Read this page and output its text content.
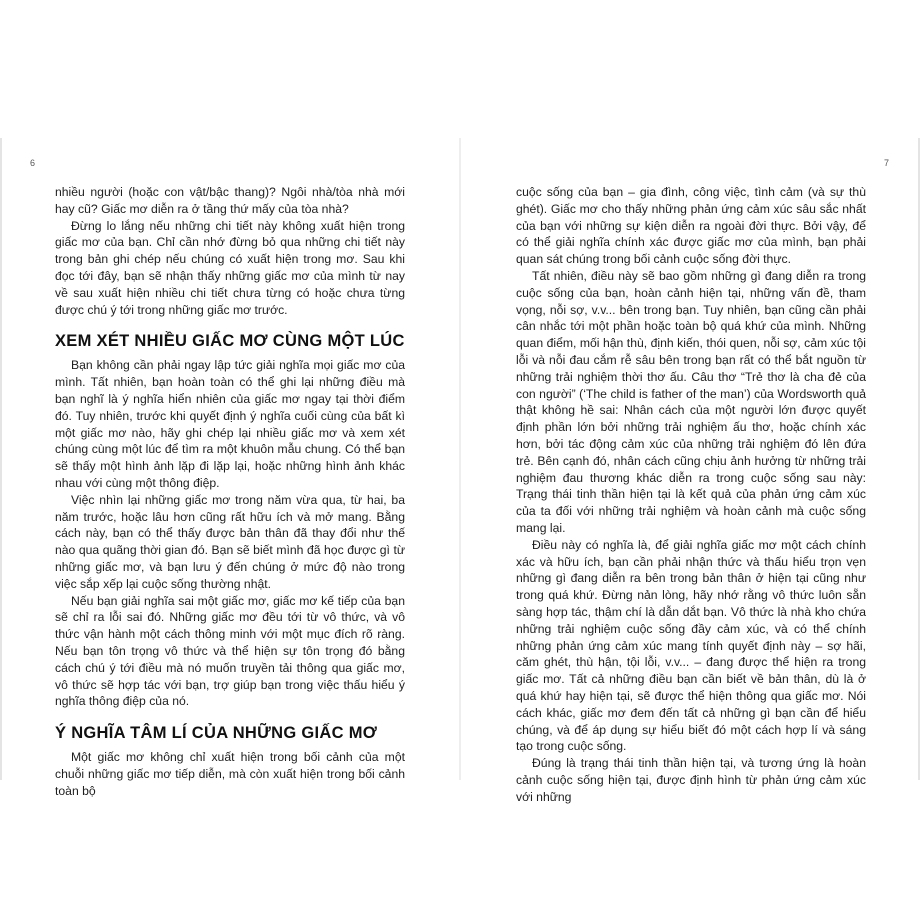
6	7

nhiều người (hoặc con vật/bậc thang)? Ngôi nhà/tòa nhà mới hay cũ? Giấc mơ diễn ra ở tầng thứ mấy của tòa nhà?

Đừng lo lắng nếu những chi tiết này không xuất hiện trong giấc mơ của bạn. Chỉ cần nhớ đừng bỏ qua những chi tiết này trong bản ghi chép nếu chúng có xuất hiện trong mơ. Sau khi đọc tới đây, bạn sẽ nhận thấy những giấc mơ của mình từ nay về sau xuất hiện nhiều chi tiết chưa từng có hoặc chưa từng được chú ý tới trong những giấc mơ trước.

XEM XÉT NHIỀU GIẤC MƠ CÙNG MỘT LÚC

Bạn không cần phải ngay lập tức giải nghĩa mọi giấc mơ của mình. Tất nhiên, bạn hoàn toàn có thể ghi lại những điều mà bạn nghĩ là ý nghĩa hiển nhiên của giấc mơ ngay tại thời điểm đó. Tuy nhiên, trước khi quyết định ý nghĩa cuối cùng của bất kì một giấc mơ nào, hãy ghi chép lại nhiều giấc mơ và xem xét chúng cùng một lúc để tìm ra một khuôn mẫu chung. Có thể bạn sẽ thấy một hình ảnh lặp đi lặp lại, hoặc những hình ảnh khác nhau với cùng một thông điệp.

Việc nhìn lại những giấc mơ trong năm vừa qua, từ hai, ba năm trước, hoặc lâu hơn cũng rất hữu ích và mở mang. Bằng cách này, bạn có thể thấy được bản thân đã thay đổi như thế nào qua quãng thời gian đó. Bạn sẽ biết mình đã học được gì từ những giấc mơ, và bạn lưu ý đến chúng ở mức độ nào trong việc sắp xếp lại cuộc sống thường nhật.

Nếu bạn giải nghĩa sai một giấc mơ, giấc mơ kế tiếp của bạn sẽ chỉ ra lỗi sai đó. Những giấc mơ đều tới từ vô thức, và vô thức vận hành một cách thông minh với một mục đích rõ ràng. Nếu bạn tôn trọng vô thức và thể hiện sự tôn trọng đó bằng cách chú ý tới điều mà nó muốn truyền tải thông qua giấc mơ, vô thức sẽ hợp tác với bạn, trợ giúp bạn trong việc thấu hiểu ý nghĩa thông điệp của nó.

Ý NGHĨA TÂM LÍ CỦA NHỮNG GIẤC MƠ

Một giấc mơ không chỉ xuất hiện trong bối cảnh của một chuỗi những giấc mơ tiếp diễn, mà còn xuất hiện trong bối cảnh toàn bộ

cuộc sống của bạn – gia đình, công việc, tình cảm (và sự thù ghét). Giấc mơ cho thấy những phản ứng cảm xúc sâu sắc nhất của bạn với những sự kiện diễn ra ngoài đời thực. Bởi vậy, để có thể giải nghĩa chính xác được giấc mơ của mình, bạn phải quan sát chúng trong bối cảnh cuộc sống đời thực.

Tất nhiên, điều này sẽ bao gồm những gì đang diễn ra trong cuộc sống của bạn, hoàn cảnh hiện tại, những vấn đề, tham vọng, nỗi sợ, v.v... bên trong bạn. Tuy nhiên, bạn cũng cần phải cân nhắc tới một phần hoặc toàn bộ quá khứ của mình. Những quan điểm, mối hận thù, định kiến, thói quen, nỗi sợ, cảm xúc tội lỗi và nỗi đau cắm rễ sâu bên trong bạn rất có thể bắt nguồn từ những trải nghiệm thời thơ ấu. Câu thơ “Trẻ thơ là cha đẻ của con người” (‘The child is father of the man’) của Wordsworth quả thật không hề sai: Nhân cách của một người lớn được quyết định phần lớn bởi những trải nghiệm ấu thơ, hoặc chính xác hơn, bởi tác động cảm xúc của những trải nghiệm đó lên đứa trẻ. Bên cạnh đó, nhân cách cũng chịu ảnh hưởng từ những trải nghiệm đau thương khác diễn ra trong cuộc sống sau này: Trạng thái tinh thần hiện tại là kết quả của phản ứng cảm xúc của ta đối với những trải nghiệm và hoàn cảnh mà cuộc sống mang lại.

Điều này có nghĩa là, để giải nghĩa giấc mơ một cách chính xác và hữu ích, bạn cần phải nhận thức và thấu hiểu trọn vẹn những gì đang diễn ra bên trong bản thân ở hiện tại cũng như trong quá khứ. Đừng nản lòng, hãy nhớ rằng vô thức luôn sẵn sàng hợp tác, thậm chí là dẫn dắt bạn. Vô thức là nhà kho chứa những trải nghiệm cuộc sống đầy cảm xúc, và có thể chính những phản ứng cảm xúc mang tính quyết định này – sợ hãi, căm ghét, thù hận, tội lỗi, v.v... – đang được thể hiện ra trong giấc mơ. Tất cả những điều bạn cần biết về bản thân, dù là ở quá khứ hay hiện tại, sẽ được thể hiện thông qua giấc mơ. Nói cách khác, giấc mơ đem đến tất cả những gì bạn cần để hiểu chúng, và để áp dụng sự hiểu biết đó một cách hợp lí và sáng tạo trong cuộc sống.

Đúng là trạng thái tinh thần hiện tại, và tương ứng là hoàn cảnh cuộc sống hiện tại, được định hình từ phản ứng cảm xúc với những
